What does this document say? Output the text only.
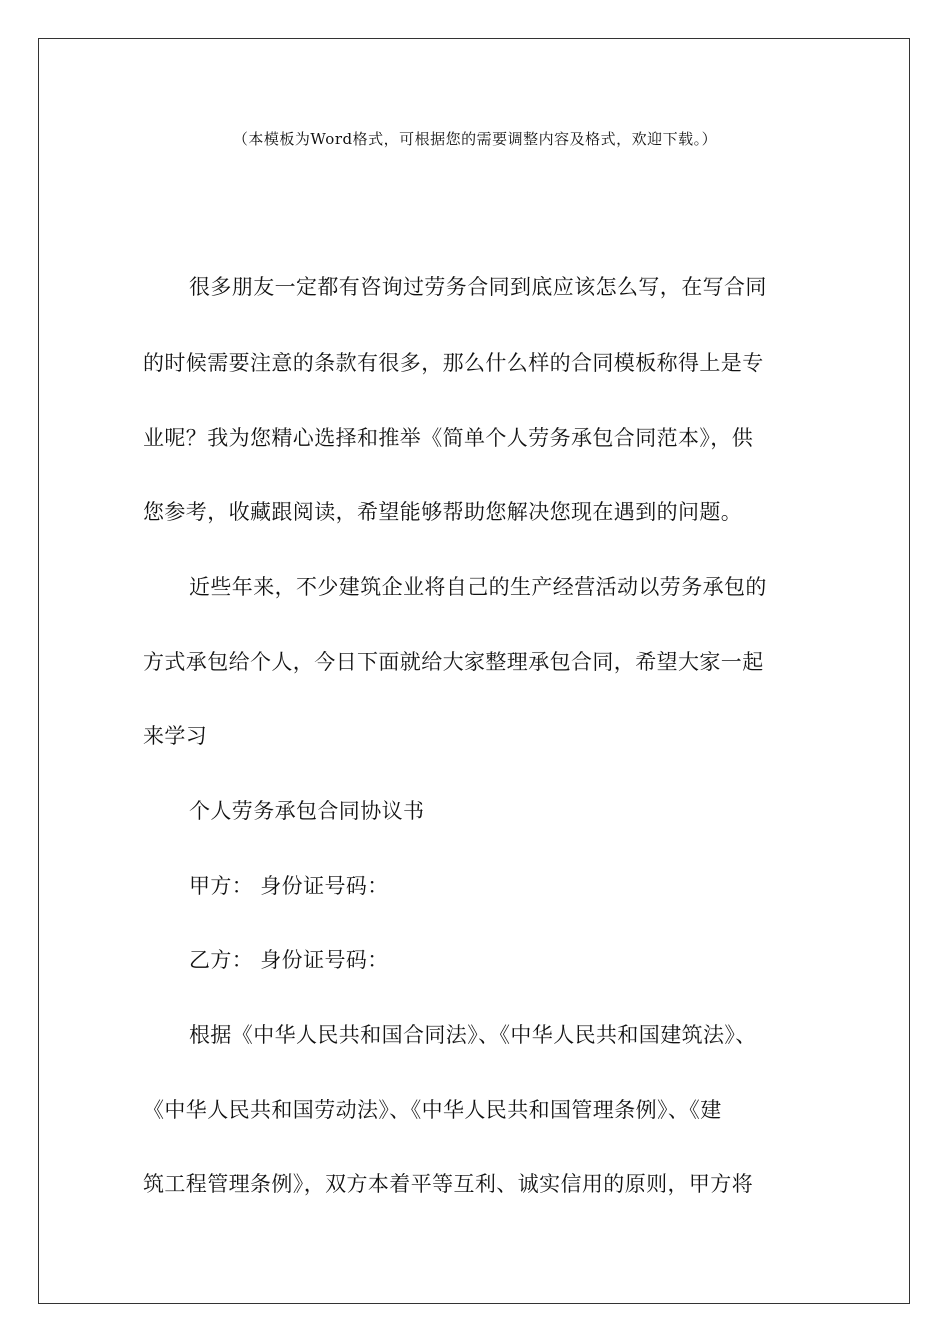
（本模板为Word格式，可根据您的需要调整内容及格式，欢迎下载。）
很多朋友一定都有咨询过劳务合同到底应该怎么写，在写合同
的时候需要注意的条款有很多，那么什么样的合同模板称得上是专
业呢？我为您精心选择和推举《简单个人劳务承包合同范本》，供
您参考，收藏跟阅读，希望能够帮助您解决您现在遇到的问题。
近些年来，不少建筑企业将自己的生产经营活动以劳务承包的
方式承包给个人，今日下面就给大家整理承包合同，希望大家一起
来学习
个人劳务承包合同协议书
甲方： 身份证号码：
乙方： 身份证号码：
根据《中华人民共和国合同法》、《中华人民共和国建筑法》、
《中华人民共和国劳动法》、《中华人民共和国管理条例》、《建
筑工程管理条例》，双方本着平等互利、诚实信用的原则，甲方将
